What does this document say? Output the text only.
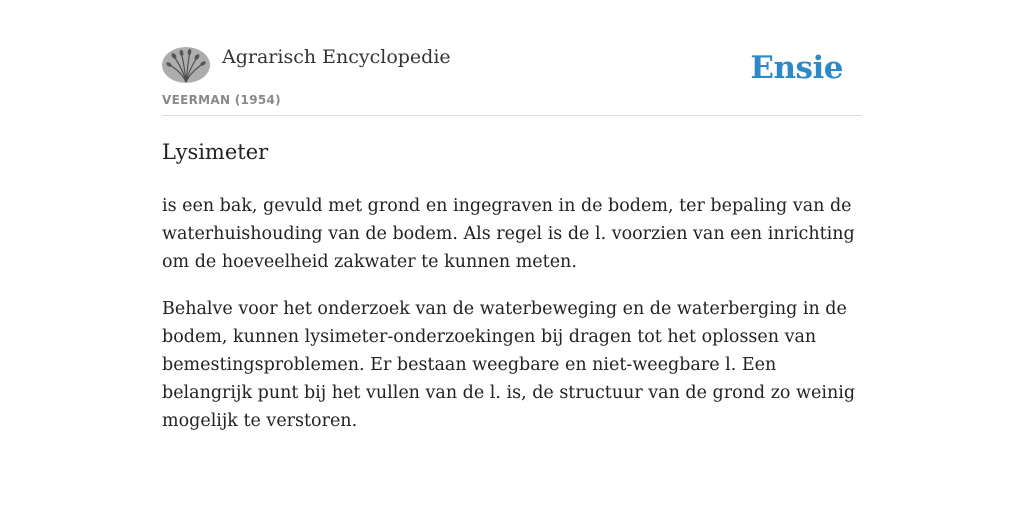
Agrarisch Encyclopedie
VEERMAN (1954)
Ensie
Lysimeter

is een bak, gevuld met grond en ingegraven in de bodem, ter bepaling van de waterhuishouding van de bodem. Als regel is de l. voorzien van een inrichting om de hoeveelheid zakwater te kunnen meten.

Behalve voor het onderzoek van de waterbeweging en de waterberging in de bodem, kunnen lysimeter-onderzoekingen bij dragen tot het oplossen van bemestingsproblemen. Er bestaan weegbare en niet-weegbare l. Een belangrijk punt bij het vullen van de l. is, de structuur van de grond zo weinig mogelijk te verstoren.
